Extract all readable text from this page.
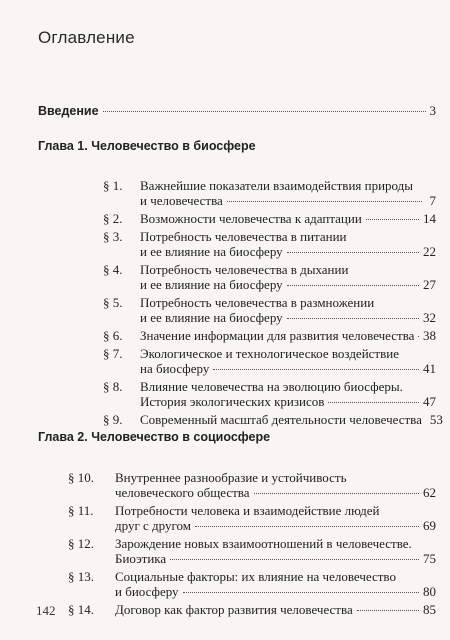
Оглавление
Введение	3
Глава 1. Человечество в биосфере
§ 1. Важнейшие показатели взаимодействия природы
и человечества	7
§ 2. Возможности человечества к адаптации	14
§ 3. Потребность человечества в питании
и ее влияние на биосферу	22
§ 4. Потребность человечества в дыхании
и ее влияние на биосферу	27
§ 5. Потребность человечества в размножении
и ее влияние на биосферу	32
§ 6. Значение информации для развития человечества 38
§ 7. Экологическое и технологическое воздействие
на биосферу	41
§ 8. Влияние человечества на эволюцию биосферы.
История экологических кризисов	47
§ 9. Современный масштаб деятельности человечества 53
Глава 2. Человечество в социосфере
§ 10. Внутреннее разнообразие и устойчивость
человеческого общества	62
§ 11. Потребности человека и взаимодействие людей
друг с другом	69
§ 12. Зарождение новых взаимоотношений в человечестве.
Биоэтика	75
§ 13. Социальные факторы: их влияние на человечество
и биосферу	80
§ 14. Договор как фактор развития человечества	85
142
